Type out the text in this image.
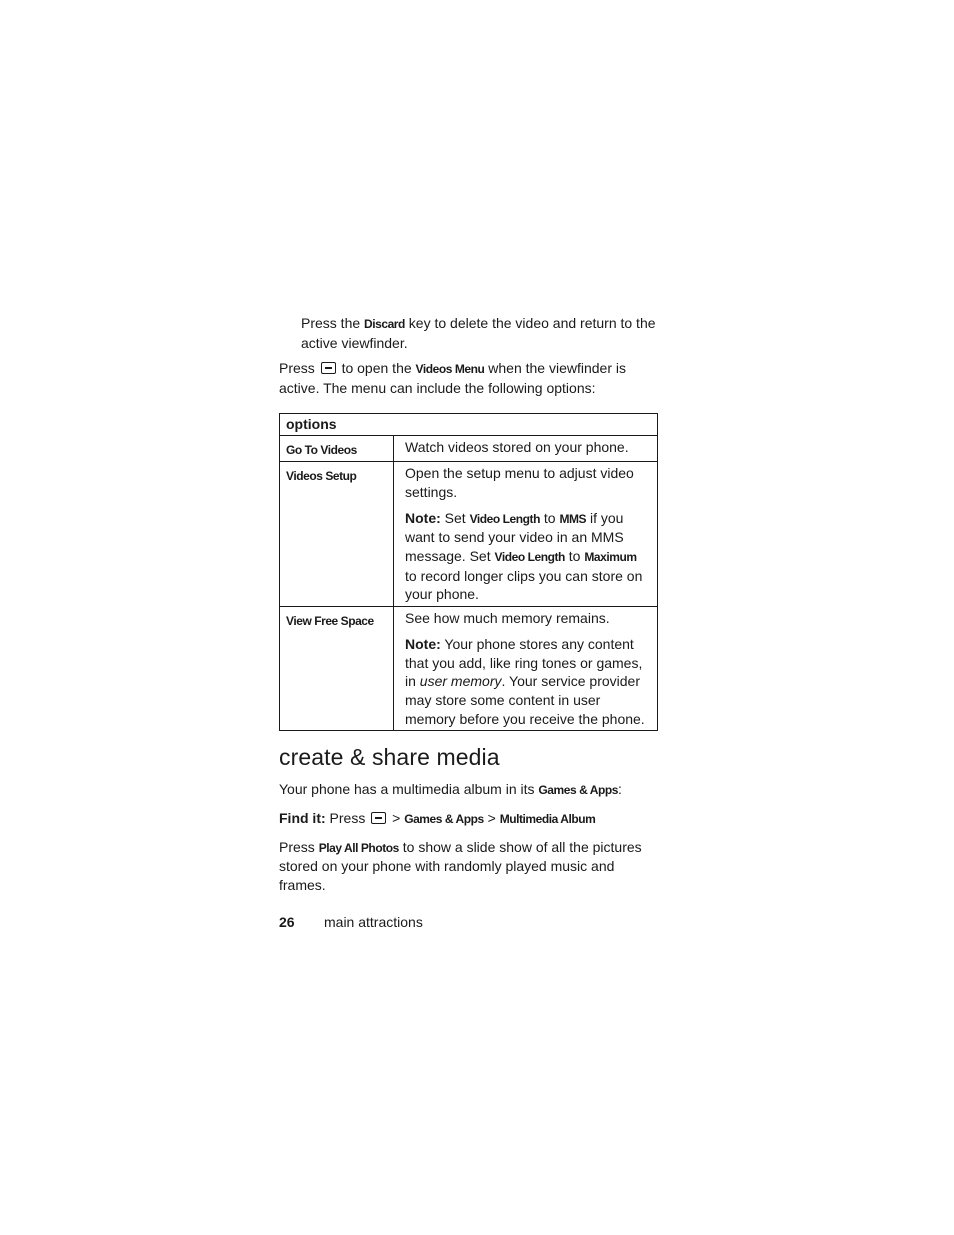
Press the Discard key to delete the video and return to the active viewfinder.

Press  to open the Videos Menu when the viewfinder is active. The menu can include the following options:

options	
Go To Videos	Watch videos stored on your phone.

Videos Setup	Open the setup menu to adjust video settings.

Note: Set Video Length to MMS if you want to send your video in an MMS message. Set Video Length to Maximum to record longer clips you can store on your phone.

View Free Space	See how much memory remains.

Note: Your phone stores any content that you add, like ring tones or games, in user memory. Your service provider may store some content in user memory before you receive the phone.

create & share media

Your phone has a multimedia album in its Games & Apps:

Find it: Press  > Games & Apps > Multimedia Album

Press Play All Photos to show a slide show of all the pictures stored on your phone with randomly played music and frames.

26 main attractions
